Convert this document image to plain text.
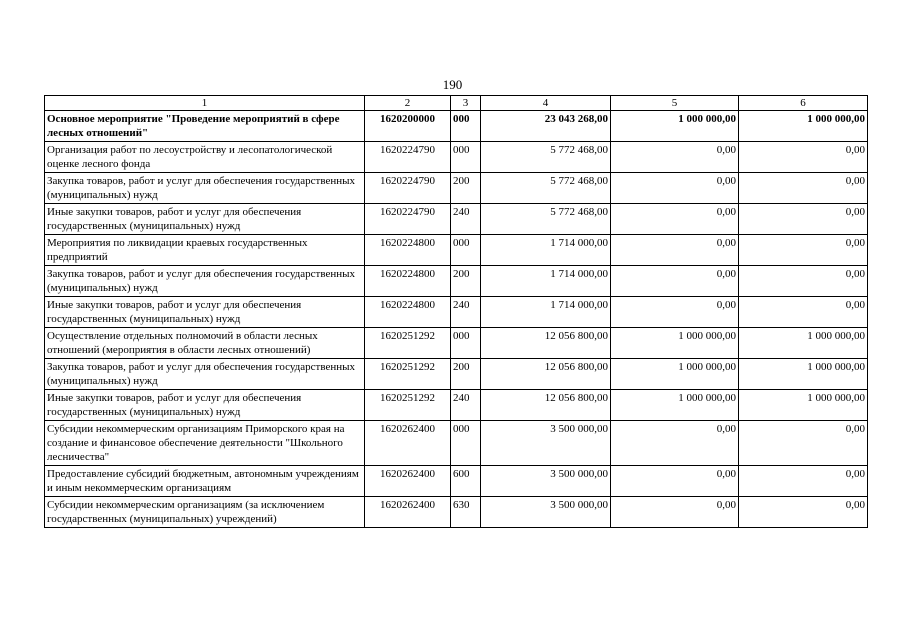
190
1	2	3	4	5	6
Основное мероприятие "Проведение мероприятий в сфере лесных отношений"	1620200000	000	23 043 268,00	1 000 000,00	1 000 000,00
Организация работ по лесоустройству и лесопатологической оценке лесного фонда	1620224790	000	5 772 468,00	0,00	0,00
Закупка товаров, работ и услуг для обеспечения государственных (муниципальных) нужд	1620224790	200	5 772 468,00	0,00	0,00
Иные закупки товаров, работ и услуг для обеспечения государственных (муниципальных) нужд	1620224790	240	5 772 468,00	0,00	0,00
Мероприятия по ликвидации краевых государственных предприятий	1620224800	000	1 714 000,00	0,00	0,00
Закупка товаров, работ и услуг для обеспечения государственных (муниципальных) нужд	1620224800	200	1 714 000,00	0,00	0,00
Иные закупки товаров, работ и услуг для обеспечения государственных (муниципальных) нужд	1620224800	240	1 714 000,00	0,00	0,00
Осуществление отдельных полномочий в области лесных отношений (мероприятия в области лесных отношений)	1620251292	000	12 056 800,00	1 000 000,00	1 000 000,00
Закупка товаров, работ и услуг для обеспечения государственных (муниципальных) нужд	1620251292	200	12 056 800,00	1 000 000,00	1 000 000,00
Иные закупки товаров, работ и услуг для обеспечения государственных (муниципальных) нужд	1620251292	240	12 056 800,00	1 000 000,00	1 000 000,00
Субсидии некоммерческим организациям Приморского края на создание и финансовое обеспечение деятельности "Школьного лесничества"	1620262400	000	3 500 000,00	0,00	0,00
Предоставление субсидий бюджетным, автономным учреждениям и иным некоммерческим организациям	1620262400	600	3 500 000,00	0,00	0,00
Субсидии некоммерческим организациям (за исключением государственных (муниципальных) учреждений)	1620262400	630	3 500 000,00	0,00	0,00
